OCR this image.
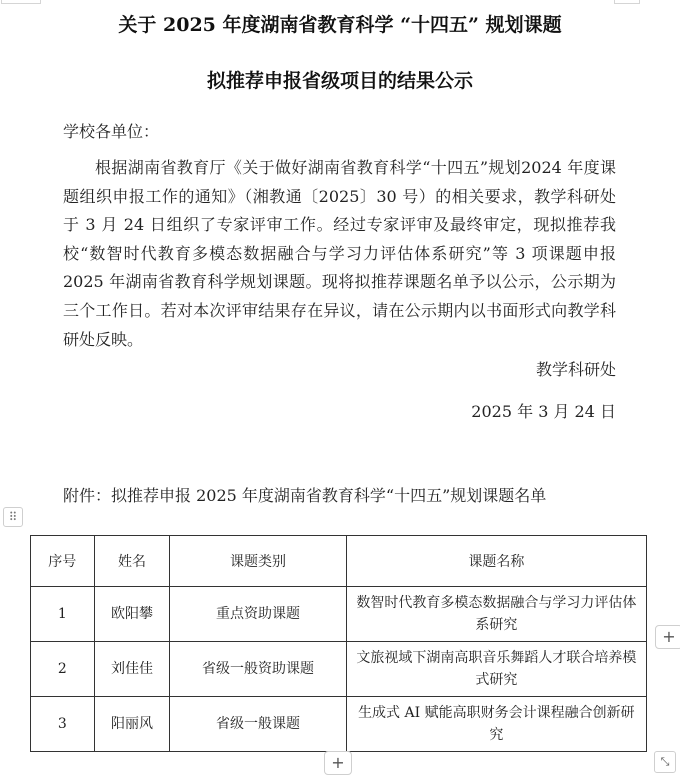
关于 2025 年度湖南省教育科学 “十四五” 规划课题
拟推荐申报省级项目的结果公示
学校各单位：
根据湖南省教育厅《关于做好湖南省教育科学“十四五”规划2024 年度课题组织申报工作的通知》（湘教通〔2025〕30 号）的相关要求，教学科研处于 3 月 24 日组织了专家评审工作。经过专家评审及最终审定，现拟推荐我校“数智时代教育多模态数据融合与学习力评估体系研究”等 3 项课题申报 2025 年湖南省教育科学规划课题。现将拟推荐课题名单予以公示，公示期为三个工作日。若对本次评审结果存在异议，请在公示期内以书面形式向教学科研处反映。
教学科研处
2025 年 3 月 24 日
附件：拟推荐申报 2025 年度湖南省教育科学“十四五”规划课题名单
⠿
序号	姓名	课题类别	课题名称
1	欧阳攀	重点资助课题	数智时代教育多模态数据融合与学习力评估体系研究
2	刘佳佳	省级一般资助课题	文旅视域下湖南高职音乐舞蹈人才联合培养模式研究
3	阳丽风	省级一般课题	生成式 AI 赋能高职财务会计课程融合创新研究
+
+	⤡
